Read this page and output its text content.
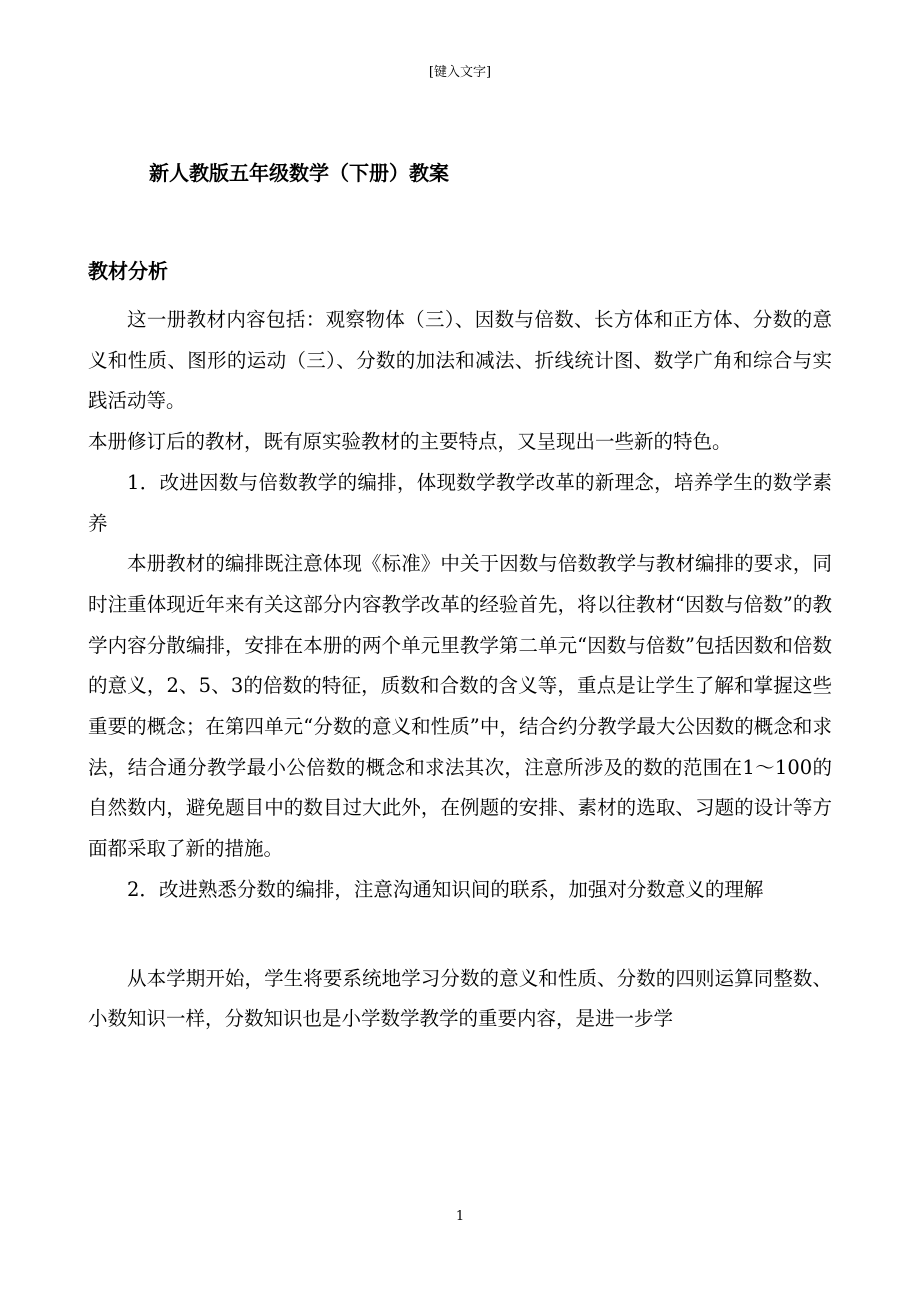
[键入文字]
新人教版五年级数学（下册）教案
教材分析

这一册教材内容包括：观察物体（三）、因数与倍数、长方体和正方体、分数的意义和性质、图形的运动（三）、分数的加法和减法、折线统计图、数学广角和综合与实践活动等。

本册修订后的教材，既有原实验教材的主要特点，又呈现出一些新的特色。

1．改进因数与倍数教学的编排，体现数学教学改革的新理念，培养学生的数学素养

本册教材的编排既注意体现《标准》中关于因数与倍数教学与教材编排的要求，同时注重体现近年来有关这部分内容教学改革的经验首先，将以往教材“因数与倍数”的教学内容分散编排，安排在本册的两个单元里教学第二单元“因数与倍数”包括因数和倍数的意义，2、5、3的倍数的特征，质数和合数的含义等，重点是让学生了解和掌握这些重要的概念；在第四单元“分数的意义和性质”中，结合约分教学最大公因数的概念和求法，结合通分教学最小公倍数的概念和求法其次，注意所涉及的数的范围在1～100的自然数内，避免题目中的数目过大此外，在例题的安排、素材的选取、习题的设计等方面都采取了新的措施。

2．改进熟悉分数的编排，注意沟通知识间的联系，加强对分数意义的理解

从本学期开始，学生将要系统地学习分数的意义和性质、分数的四则运算同整数、小数知识一样，分数知识也是小学数学教学的重要内容，是进一步学

1
